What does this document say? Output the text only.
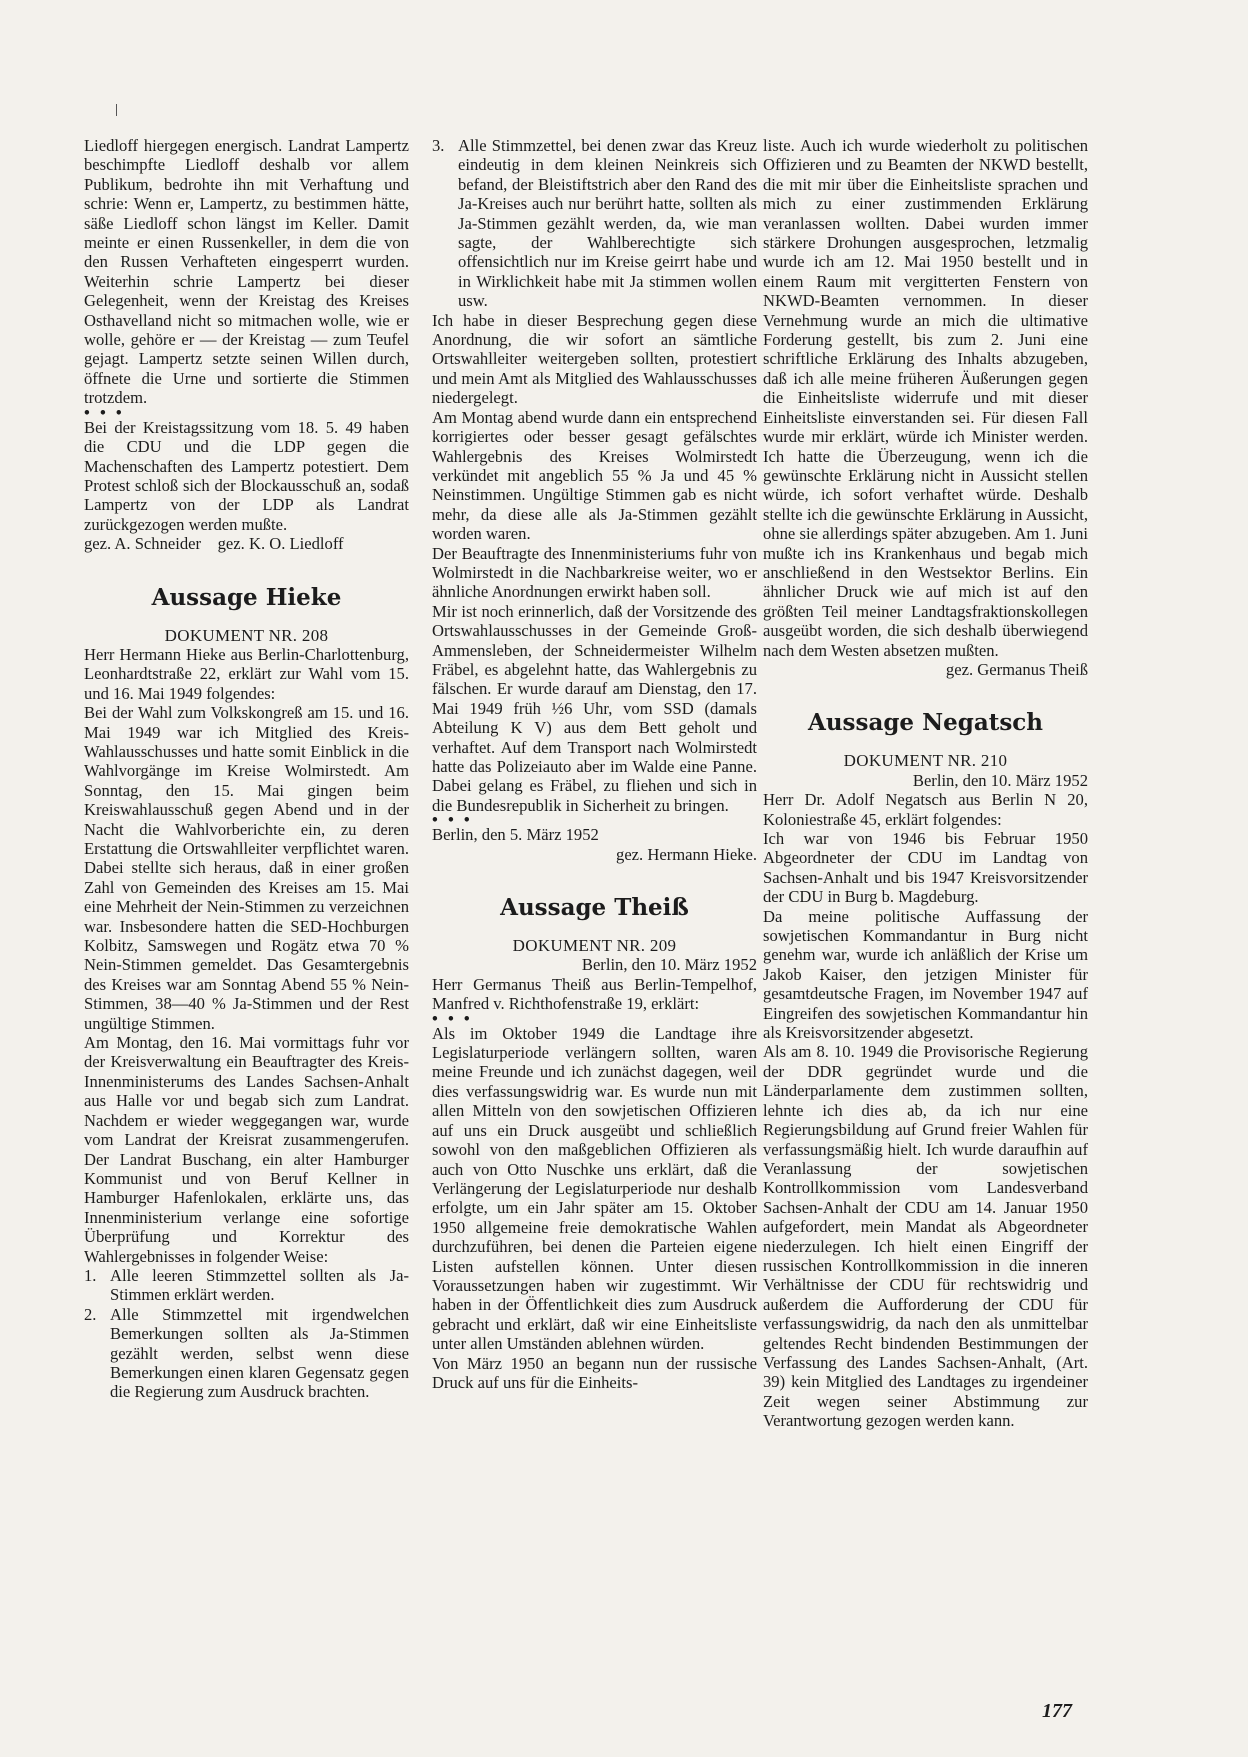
Liedloff hiergegen energisch. Landrat Lampertz beschimpfte Liedloff deshalb vor allem Publikum, bedrohte ihn mit Verhaftung und schrie: Wenn er, Lampertz, zu bestimmen hätte, säße Liedloff schon längst im Keller. Damit meinte er einen Russenkeller, in dem die von den Russen Verhafteten eingesperrt wurden. Weiterhin schrie Lampertz bei dieser Gelegenheit, wenn der Kreistag des Kreises Osthavelland nicht so mitmachen wolle, wie er wolle, gehöre er — der Kreistag — zum Teufel gejagt. Lampertz setzte seinen Willen durch, öffnete die Urne und sortierte die Stimmen trotzdem.

• • •

Bei der Kreistagssitzung vom 18. 5. 49 haben die CDU und die LDP gegen die Machenschaften des Lampertz potestiert. Dem Protest schloß sich der Blockausschuß an, sodaß Lampertz von der LDP als Landrat zurückgezogen werden mußte.

gez. A. Schneider    gez. K. O. Liedloff

Aussage Hieke

DOKUMENT NR. 208

Herr Hermann Hieke aus Berlin-Charlottenburg, Leonhardtstraße 22, erklärt zur Wahl vom 15. und 16. Mai 1949 folgendes:

Bei der Wahl zum Volkskongreß am 15. und 16. Mai 1949 war ich Mitglied des Kreis-Wahlausschusses und hatte somit Einblick in die Wahlvorgänge im Kreise Wolmirstedt. Am Sonntag, den 15. Mai gingen beim Kreiswahlausschuß gegen Abend und in der Nacht die Wahlvorberichte ein, zu deren Erstattung die Ortswahlleiter verpflichtet waren. Dabei stellte sich heraus, daß in einer großen Zahl von Gemeinden des Kreises am 15. Mai eine Mehrheit der Nein-Stimmen zu verzeichnen war. Insbesondere hatten die SED-Hochburgen Kolbitz, Samswegen und Rogätz etwa 70 % Nein-Stimmen gemeldet. Das Gesamtergebnis des Kreises war am Sonntag Abend 55 % Nein-Stimmen, 38—40 % Ja-Stimmen und der Rest ungültige Stimmen.

Am Montag, den 16. Mai vormittags fuhr vor der Kreisverwaltung ein Beauftragter des Kreis-Innenministerums des Landes Sachsen-Anhalt aus Halle vor und begab sich zum Landrat. Nachdem er wieder weggegangen war, wurde vom Landrat der Kreisrat zusammengerufen. Der Landrat Buschang, ein alter Hamburger Kommunist und von Beruf Kellner in Hamburger Hafenlokalen, erklärte uns, das Innenministerium verlange eine sofortige Überprüfung und Korrektur des Wahlergebnisses in folgender Weise:

1. Alle leeren Stimmzettel sollten als Ja-Stimmen erklärt werden.
2. Alle Stimmzettel mit irgendwelchen Bemerkungen sollten als Ja-Stimmen gezählt werden, selbst wenn diese Bemerkungen einen klaren Gegensatz gegen die Regierung zum Ausdruck brachten.
3. Alle Stimmzettel, bei denen zwar das Kreuz eindeutig in dem kleinen Neinkreis sich befand, der Bleistiftstrich aber den Rand des Ja-Kreises auch nur berührt hatte, sollten als Ja-Stimmen gezählt werden, da, wie man sagte, der Wahlberechtigte sich offensichtlich nur im Kreise geirrt habe und in Wirklichkeit habe mit Ja stimmen wollen usw.

Ich habe in dieser Besprechung gegen diese Anordnung, die wir sofort an sämtliche Ortswahlleiter weitergeben sollten, protestiert und mein Amt als Mitglied des Wahlausschusses niedergelegt.

Am Montag abend wurde dann ein entsprechend korrigiertes oder besser gesagt gefälschtes Wahlergebnis des Kreises Wolmirstedt verkündet mit angeblich 55 % Ja und 45 % Neinstimmen. Ungültige Stimmen gab es nicht mehr, da diese alle als Ja-Stimmen gezählt worden waren.

Der Beauftragte des Innenministeriums fuhr von Wolmirstedt in die Nachbarkreise weiter, wo er ähnliche Anordnungen erwirkt haben soll.

Mir ist noch erinnerlich, daß der Vorsitzende des Ortswahlausschusses in der Gemeinde Groß-Ammensleben, der Schneidermeister Wilhelm Fräbel, es abgelehnt hatte, das Wahlergebnis zu fälschen. Er wurde darauf am Dienstag, den 17. Mai 1949 früh ½6 Uhr, vom SSD (damals Abteilung K V) aus dem Bett geholt und verhaftet. Auf dem Transport nach Wolmirstedt hatte das Polizeiauto aber im Walde eine Panne. Dabei gelang es Fräbel, zu fliehen und sich in die Bundesrepublik in Sicherheit zu bringen.

• • •

Berlin, den 5. März 1952

gez. Hermann Hieke.

Aussage Theiß

DOKUMENT NR. 209

Berlin, den 10. März 1952

Herr Germanus Theiß aus Berlin-Tempelhof, Manfred v. Richthofenstraße 19, erklärt:

• • •

Als im Oktober 1949 die Landtage ihre Legislaturperiode verlängern sollten, waren meine Freunde und ich zunächst dagegen, weil dies verfassungswidrig war. Es wurde nun mit allen Mitteln von den sowjetischen Offizieren auf uns ein Druck ausgeübt und schließlich sowohl von den maßgeblichen Offizieren als auch von Otto Nuschke uns erklärt, daß die Verlängerung der Legislaturperiode nur deshalb erfolgte, um ein Jahr später am 15. Oktober 1950 allgemeine freie demokratische Wahlen durchzuführen, bei denen die Parteien eigene Listen aufstellen können. Unter diesen Voraussetzungen haben wir zugestimmt. Wir haben in der Öffentlichkeit dies zum Ausdruck gebracht und erklärt, daß wir eine Einheitsliste unter allen Umständen ablehnen würden.

Von März 1950 an begann nun der russische Druck auf uns für die Einheits-

liste. Auch ich wurde wiederholt zu politischen Offizieren und zu Beamten der NKWD bestellt, die mit mir über die Einheitsliste sprachen und mich zu einer zustimmenden Erklärung veranlassen wollten. Dabei wurden immer stärkere Drohungen ausgesprochen, letzmalig wurde ich am 12. Mai 1950 bestellt und in einem Raum mit vergitterten Fenstern von NKWD-Beamten vernommen. In dieser Vernehmung wurde an mich die ultimative Forderung gestellt, bis zum 2. Juni eine schriftliche Erklärung des Inhalts abzugeben, daß ich alle meine früheren Äußerungen gegen die Einheitsliste widerrufe und mit dieser Einheitsliste einverstanden sei. Für diesen Fall wurde mir erklärt, würde ich Minister werden. Ich hatte die Überzeugung, wenn ich die gewünschte Erklärung nicht in Aussicht stellen würde, ich sofort verhaftet würde. Deshalb stellte ich die gewünschte Erklärung in Aussicht, ohne sie allerdings später abzugeben. Am 1. Juni mußte ich ins Krankenhaus und begab mich anschließend in den Westsektor Berlins. Ein ähnlicher Druck wie auf mich ist auf den größten Teil meiner Landtagsfraktionskollegen ausgeübt worden, die sich deshalb überwiegend nach dem Westen absetzen mußten.

gez. Germanus Theiß

Aussage Negatsch

DOKUMENT NR. 210

Berlin, den 10. März 1952

Herr Dr. Adolf Negatsch aus Berlin N 20, Koloniestraße 45, erklärt folgendes:

Ich war von 1946 bis Februar 1950 Abgeordneter der CDU im Landtag von Sachsen-Anhalt und bis 1947 Kreisvorsitzender der CDU in Burg b. Magdeburg.

Da meine politische Auffassung der sowjetischen Kommandantur in Burg nicht genehm war, wurde ich anläßlich der Krise um Jakob Kaiser, den jetzigen Minister für gesamtdeutsche Fragen, im November 1947 auf Eingreifen des sowjetischen Kommandantur hin als Kreisvorsitzender abgesetzt.

Als am 8. 10. 1949 die Provisorische Regierung der DDR gegründet wurde und die Länderparlamente dem zustimmen sollten, lehnte ich dies ab, da ich nur eine Regierungsbildung auf Grund freier Wahlen für verfassungsmäßig hielt. Ich wurde daraufhin auf Veranlassung der sowjetischen Kontrollkommission vom Landesverband Sachsen-Anhalt der CDU am 14. Januar 1950 aufgefordert, mein Mandat als Abgeordneter niederzulegen. Ich hielt einen Eingriff der russischen Kontrollkommission in die inneren Verhältnisse der CDU für rechtswidrig und außerdem die Aufforderung der CDU für verfassungswidrig, da nach den als unmittelbar geltendes Recht bindenden Bestimmungen der Verfassung des Landes Sachsen-Anhalt, (Art. 39) kein Mitglied des Landtages zu irgendeiner Zeit wegen seiner Abstimmung zur Verantwortung gezogen werden kann.

177
